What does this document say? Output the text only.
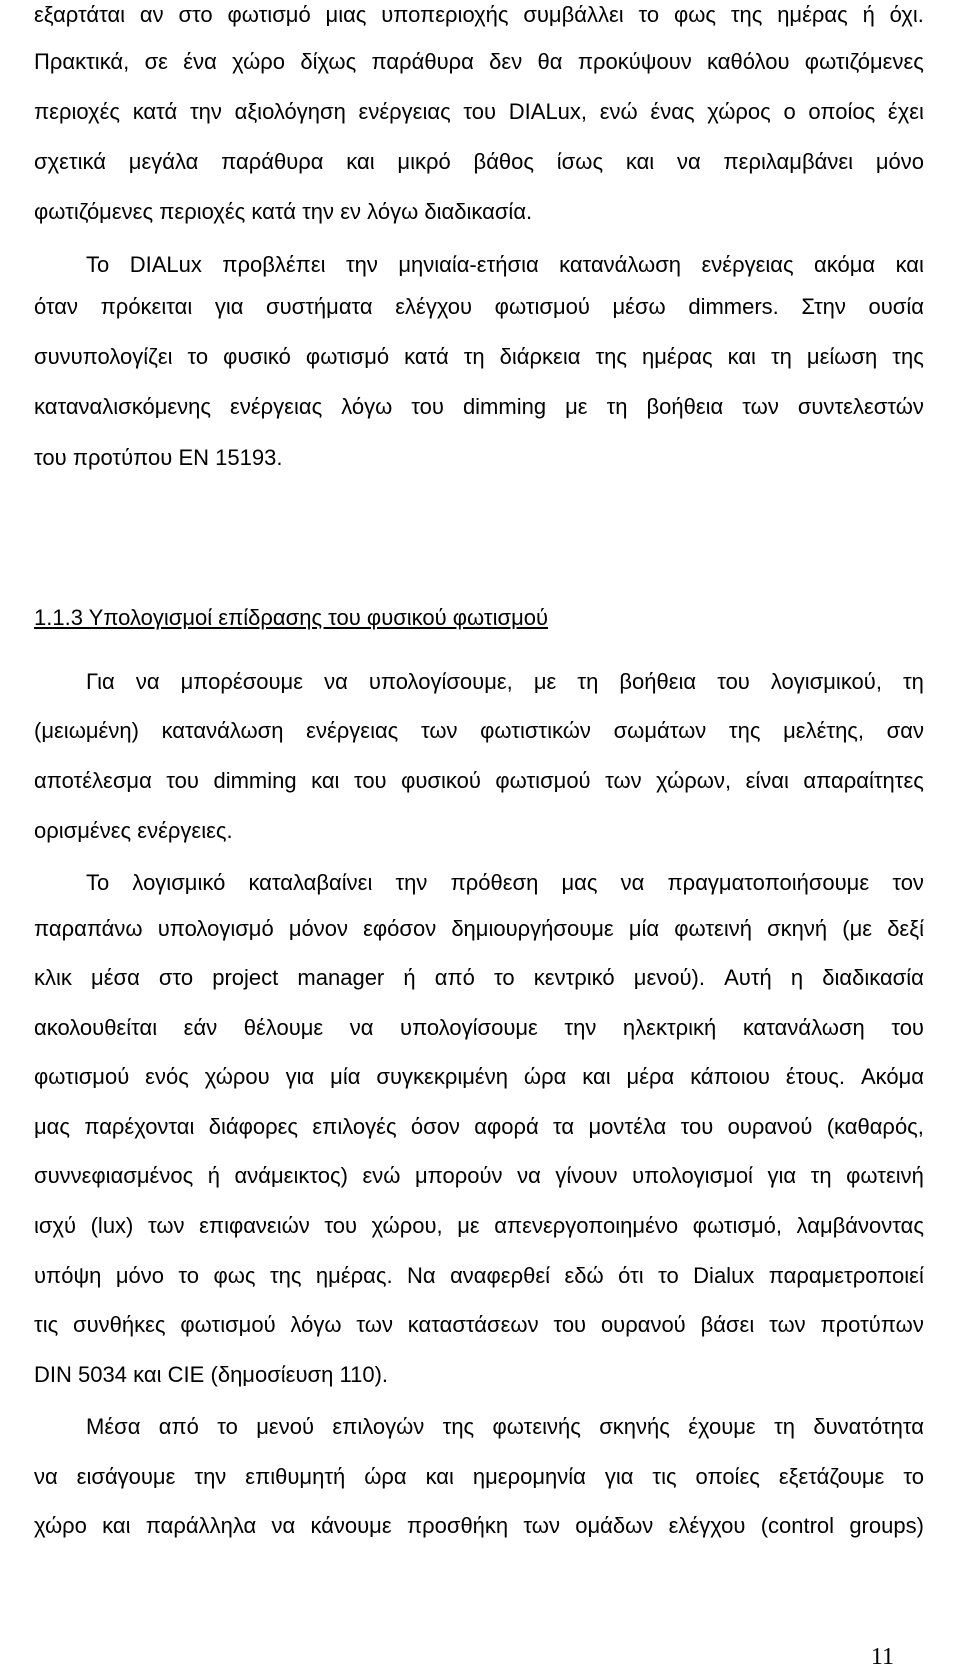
εξαρτάται αν στο φωτισμό μιας υποπεριοχής συμβάλλει το φως της ημέρας ή όχι.
Πρακτικά, σε ένα χώρο δίχως παράθυρα δεν θα προκύψουν καθόλου φωτιζόμενες
περιοχές κατά την αξιολόγηση ενέργειας του DIALux, ενώ ένας χώρος ο οποίος έχει
σχετικά μεγάλα παράθυρα και μικρό βάθος ίσως και να περιλαμβάνει μόνο
φωτιζόμενες περιοχές κατά την εν λόγω διαδικασία.
Το DIALux προβλέπει την μηνιαία-ετήσια κατανάλωση ενέργειας ακόμα και
όταν πρόκειται για συστήματα ελέγχου φωτισμού μέσω dimmers. Στην ουσία
συνυπολογίζει το φυσικό φωτισμό κατά τη διάρκεια της ημέρας και τη μείωση της
καταναλισκόμενης ενέργειας λόγω του dimming με τη βοήθεια των συντελεστών
του προτύπου EN 15193.
Για να μπορέσουμε να υπολογίσουμε, με τη βοήθεια του λογισμικού, τη
(μειωμένη) κατανάλωση ενέργειας των φωτιστικών σωμάτων της μελέτης, σαν
αποτέλεσμα του dimming και του φυσικού φωτισμού των χώρων, είναι απαραίτητες
ορισμένες ενέργειες.
Το λογισμικό καταλαβαίνει την πρόθεση μας να πραγματοποιήσουμε τον
παραπάνω υπολογισμό μόνον εφόσον δημιουργήσουμε μία φωτεινή σκηνή (με δεξί
κλικ μέσα στο project manager ή από το κεντρικό μενού). Αυτή η διαδικασία
ακολουθείται εάν θέλουμε να υπολογίσουμε την ηλεκτρική κατανάλωση του
φωτισμού ενός χώρου για μία συγκεκριμένη ώρα και μέρα κάποιου έτους. Ακόμα
μας παρέχονται διάφορες επιλογές όσον αφορά τα μοντέλα του ουρανού (καθαρός,
συννεφιασμένος ή ανάμεικτος) ενώ μπορούν να γίνουν υπολογισμοί για τη φωτεινή
ισχύ (lux) των επιφανειών του χώρου, με απενεργοποιημένο φωτισμό, λαμβάνοντας
υπόψη μόνο το φως της ημέρας. Να αναφερθεί εδώ ότι το Dialux παραμετροποιεί
τις συνθήκες φωτισμού λόγω των καταστάσεων του ουρανού βάσει των προτύπων
DIN 5034 και CIE (δημοσίευση 110).
Μέσα από το μενού επιλογών της φωτεινής σκηνής έχουμε τη δυνατότητα
να εισάγουμε την επιθυμητή ώρα και ημερομηνία για τις οποίες εξετάζουμε το
χώρο και παράλληλα να κάνουμε προσθήκη των ομάδων ελέγχου (control groups)
1.1.3 Υπολογισμοί επίδρασης του φυσικού φωτισμού
11
